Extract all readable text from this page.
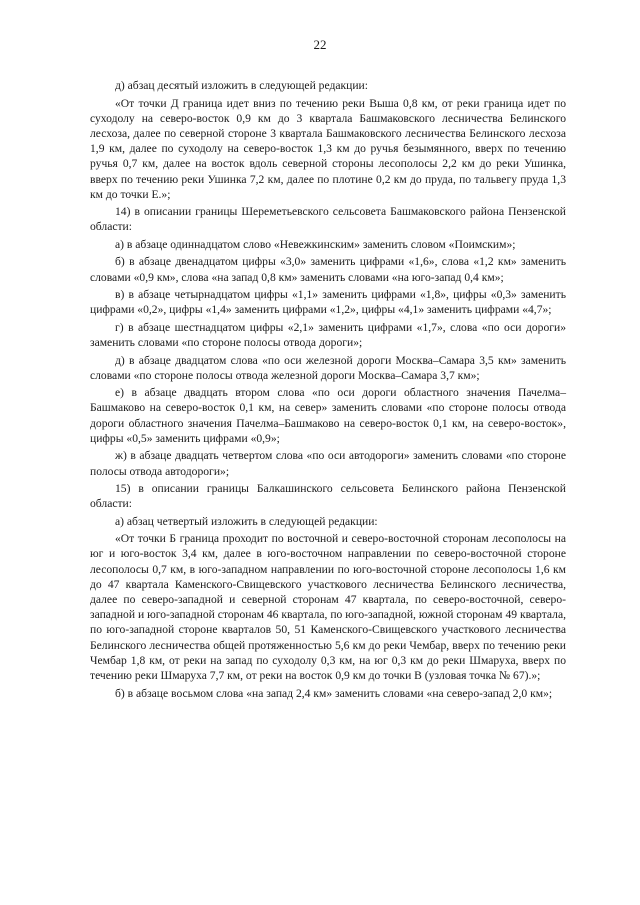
22

д) абзац десятый изложить в следующей редакции:

«От точки Д граница идет вниз по течению реки Выша 0,8 км, от реки граница идет по суходолу на северо-восток 0,9 км до 3 квартала Башмаковского лесничества Белинского лесхоза, далее по северной стороне 3 квартала Башмаковского лесничества Белинского лесхоза 1,9 км, далее по суходолу на северо-восток 1,3 км до ручья безымянного, вверх по течению ручья 0,7 км, далее на восток вдоль северной стороны лесополосы 2,2 км до реки Ушинка, вверх по течению реки Ушинка 7,2 км, далее по плотине 0,2 км до пруда, по тальвегу пруда 1,3 км до точки Е.»;

14) в описании границы Шереметьевского сельсовета Башмаковского района Пензенской области:

а) в абзаце одиннадцатом слово «Невежкинским» заменить словом «Поимским»;

б) в абзаце двенадцатом цифры «3,0» заменить цифрами «1,6», слова «1,2 км» заменить словами «0,9 км», слова «на запад 0,8 км» заменить словами «на юго-запад 0,4 км»;

в) в абзаце четырнадцатом цифры «1,1» заменить цифрами «1,8», цифры «0,3» заменить цифрами «0,2», цифры «1,4» заменить цифрами «1,2», цифры «4,1» заменить цифрами «4,7»;

г) в абзаце шестнадцатом цифры «2,1» заменить цифрами «1,7», слова «по оси дороги» заменить словами «по стороне полосы отвода дороги»;

д) в абзаце двадцатом слова «по оси железной дороги Москва–Самара 3,5 км» заменить словами «по стороне полосы отвода железной дороги Москва–Самара 3,7 км»;

е) в абзаце двадцать втором слова «по оси дороги областного значения Пачелма–Башмаково на северо-восток 0,1 км, на север» заменить словами «по стороне полосы отвода дороги областного значения Пачелма–Башмаково на северо-восток 0,1 км, на северо-восток», цифры «0,5» заменить цифрами «0,9»;

ж) в абзаце двадцать четвертом слова «по оси автодороги» заменить словами «по стороне полосы отвода автодороги»;

15) в описании границы Балкашинского сельсовета Белинского района Пензенской области:

а) абзац четвертый изложить в следующей редакции:

«От точки Б граница проходит по восточной и северо-восточной сторонам лесополосы на юг и юго-восток 3,4 км, далее в юго-восточном направлении по северо-восточной стороне лесополосы 0,7 км, в юго-западном направлении по юго-восточной стороне лесополосы 1,6 км до 47 квартала Каменского-Свищевского участкового лесничества Белинского лесничества, далее по северо-западной и северной сторонам 47 квартала, по северо-восточной, северо-западной и юго-западной сторонам 46 квартала, по юго-западной, южной сторонам 49 квартала, по юго-западной стороне кварталов 50, 51 Каменского-Свищевского участкового лесничества Белинского лесничества общей протяженностью 5,6 км до реки Чембар, вверх по течению реки Чембар 1,8 км, от реки на запад по суходолу 0,3 км, на юг 0,3 км до реки Шмаруха, вверх по течению реки Шмаруха 7,7 км, от реки на восток 0,9 км до точки В (узловая точка № 67).»;

б) в абзаце восьмом слова «на запад 2,4 км» заменить словами «на северо-запад 2,0 км»;
